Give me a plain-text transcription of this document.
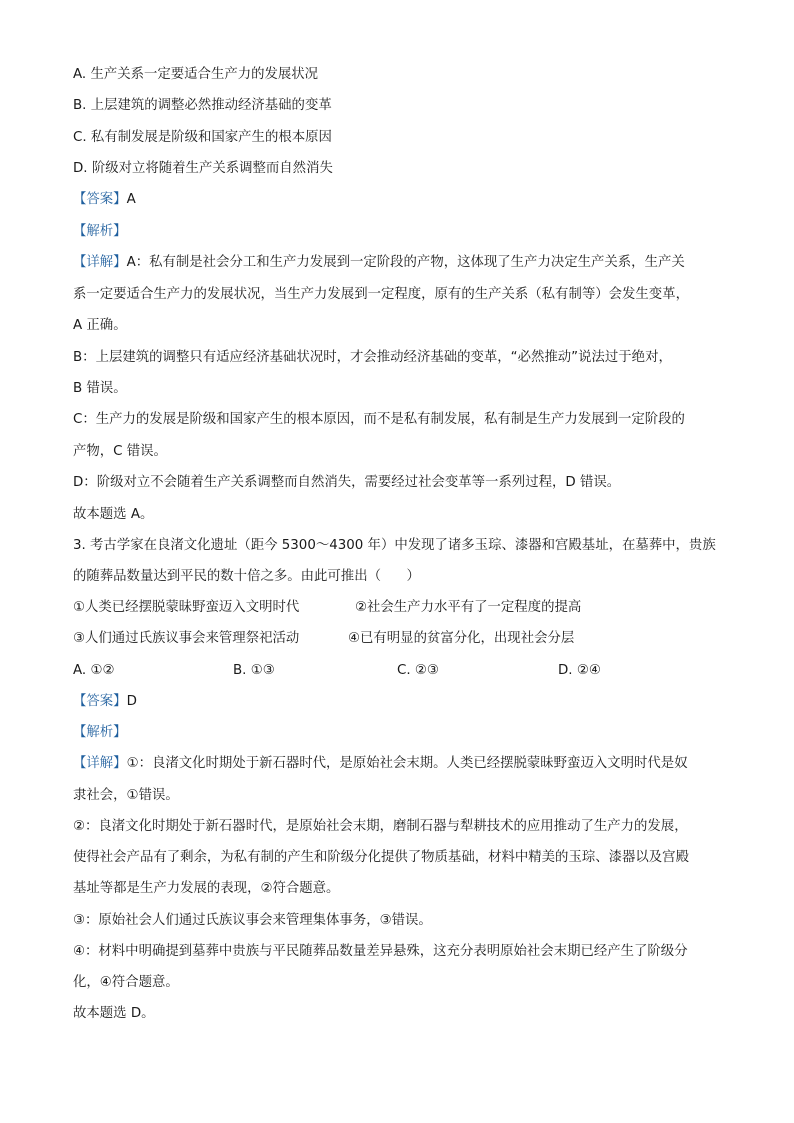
A. 生产关系一定要适合生产力的发展状况
B. 上层建筑的调整必然推动经济基础的变革
C. 私有制发展是阶级和国家产生的根本原因
D. 阶级对立将随着生产关系调整而自然消失
【答案】A
【解析】
【详解】A：私有制是社会分工和生产力发展到一定阶段的产物，这体现了生产力决定生产关系，生产关
系一定要适合生产力的发展状况，当生产力发展到一定程度，原有的生产关系（私有制等）会发生变革，
A 正确。
B：上层建筑的调整只有适应经济基础状况时，才会推动经济基础的变革，“必然推动”说法过于绝对，
B 错误。
C：生产力的发展是阶级和国家产生的根本原因，而不是私有制发展，私有制是生产力发展到一定阶段的
产物，C 错误。
D：阶级对立不会随着生产关系调整而自然消失，需要经过社会变革等一系列过程，D 错误。
故本题选 A。
3. 考古学家在良渚文化遗址（距今 5300～4300 年）中发现了诸多玉琮、漆器和宫殿基址，在墓葬中，贵族
的随葬品数量达到平民的数十倍之多。由此可推出（      ）
①人类已经摆脱蒙昧野蛮迈入文明时代	②社会生产力水平有了一定程度的提高
③人们通过氏族议事会来管理祭祀活动	④已有明显的贫富分化，出现社会分层
A. ①②	B. ①③	C. ②③	D. ②④
【答案】D
【解析】
【详解】①：良渚文化时期处于新石器时代，是原始社会末期。人类已经摆脱蒙昧野蛮迈入文明时代是奴
隶社会，①错误。
②：良渚文化时期处于新石器时代，是原始社会末期，磨制石器与犁耕技术的应用推动了生产力的发展，
使得社会产品有了剩余，为私有制的产生和阶级分化提供了物质基础，材料中精美的玉琮、漆器以及宫殿
基址等都是生产力发展的表现，②符合题意。
③：原始社会人们通过氏族议事会来管理集体事务，③错误。
④：材料中明确提到墓葬中贵族与平民随葬品数量差异悬殊，这充分表明原始社会末期已经产生了阶级分
化，④符合题意。
故本题选 D。
